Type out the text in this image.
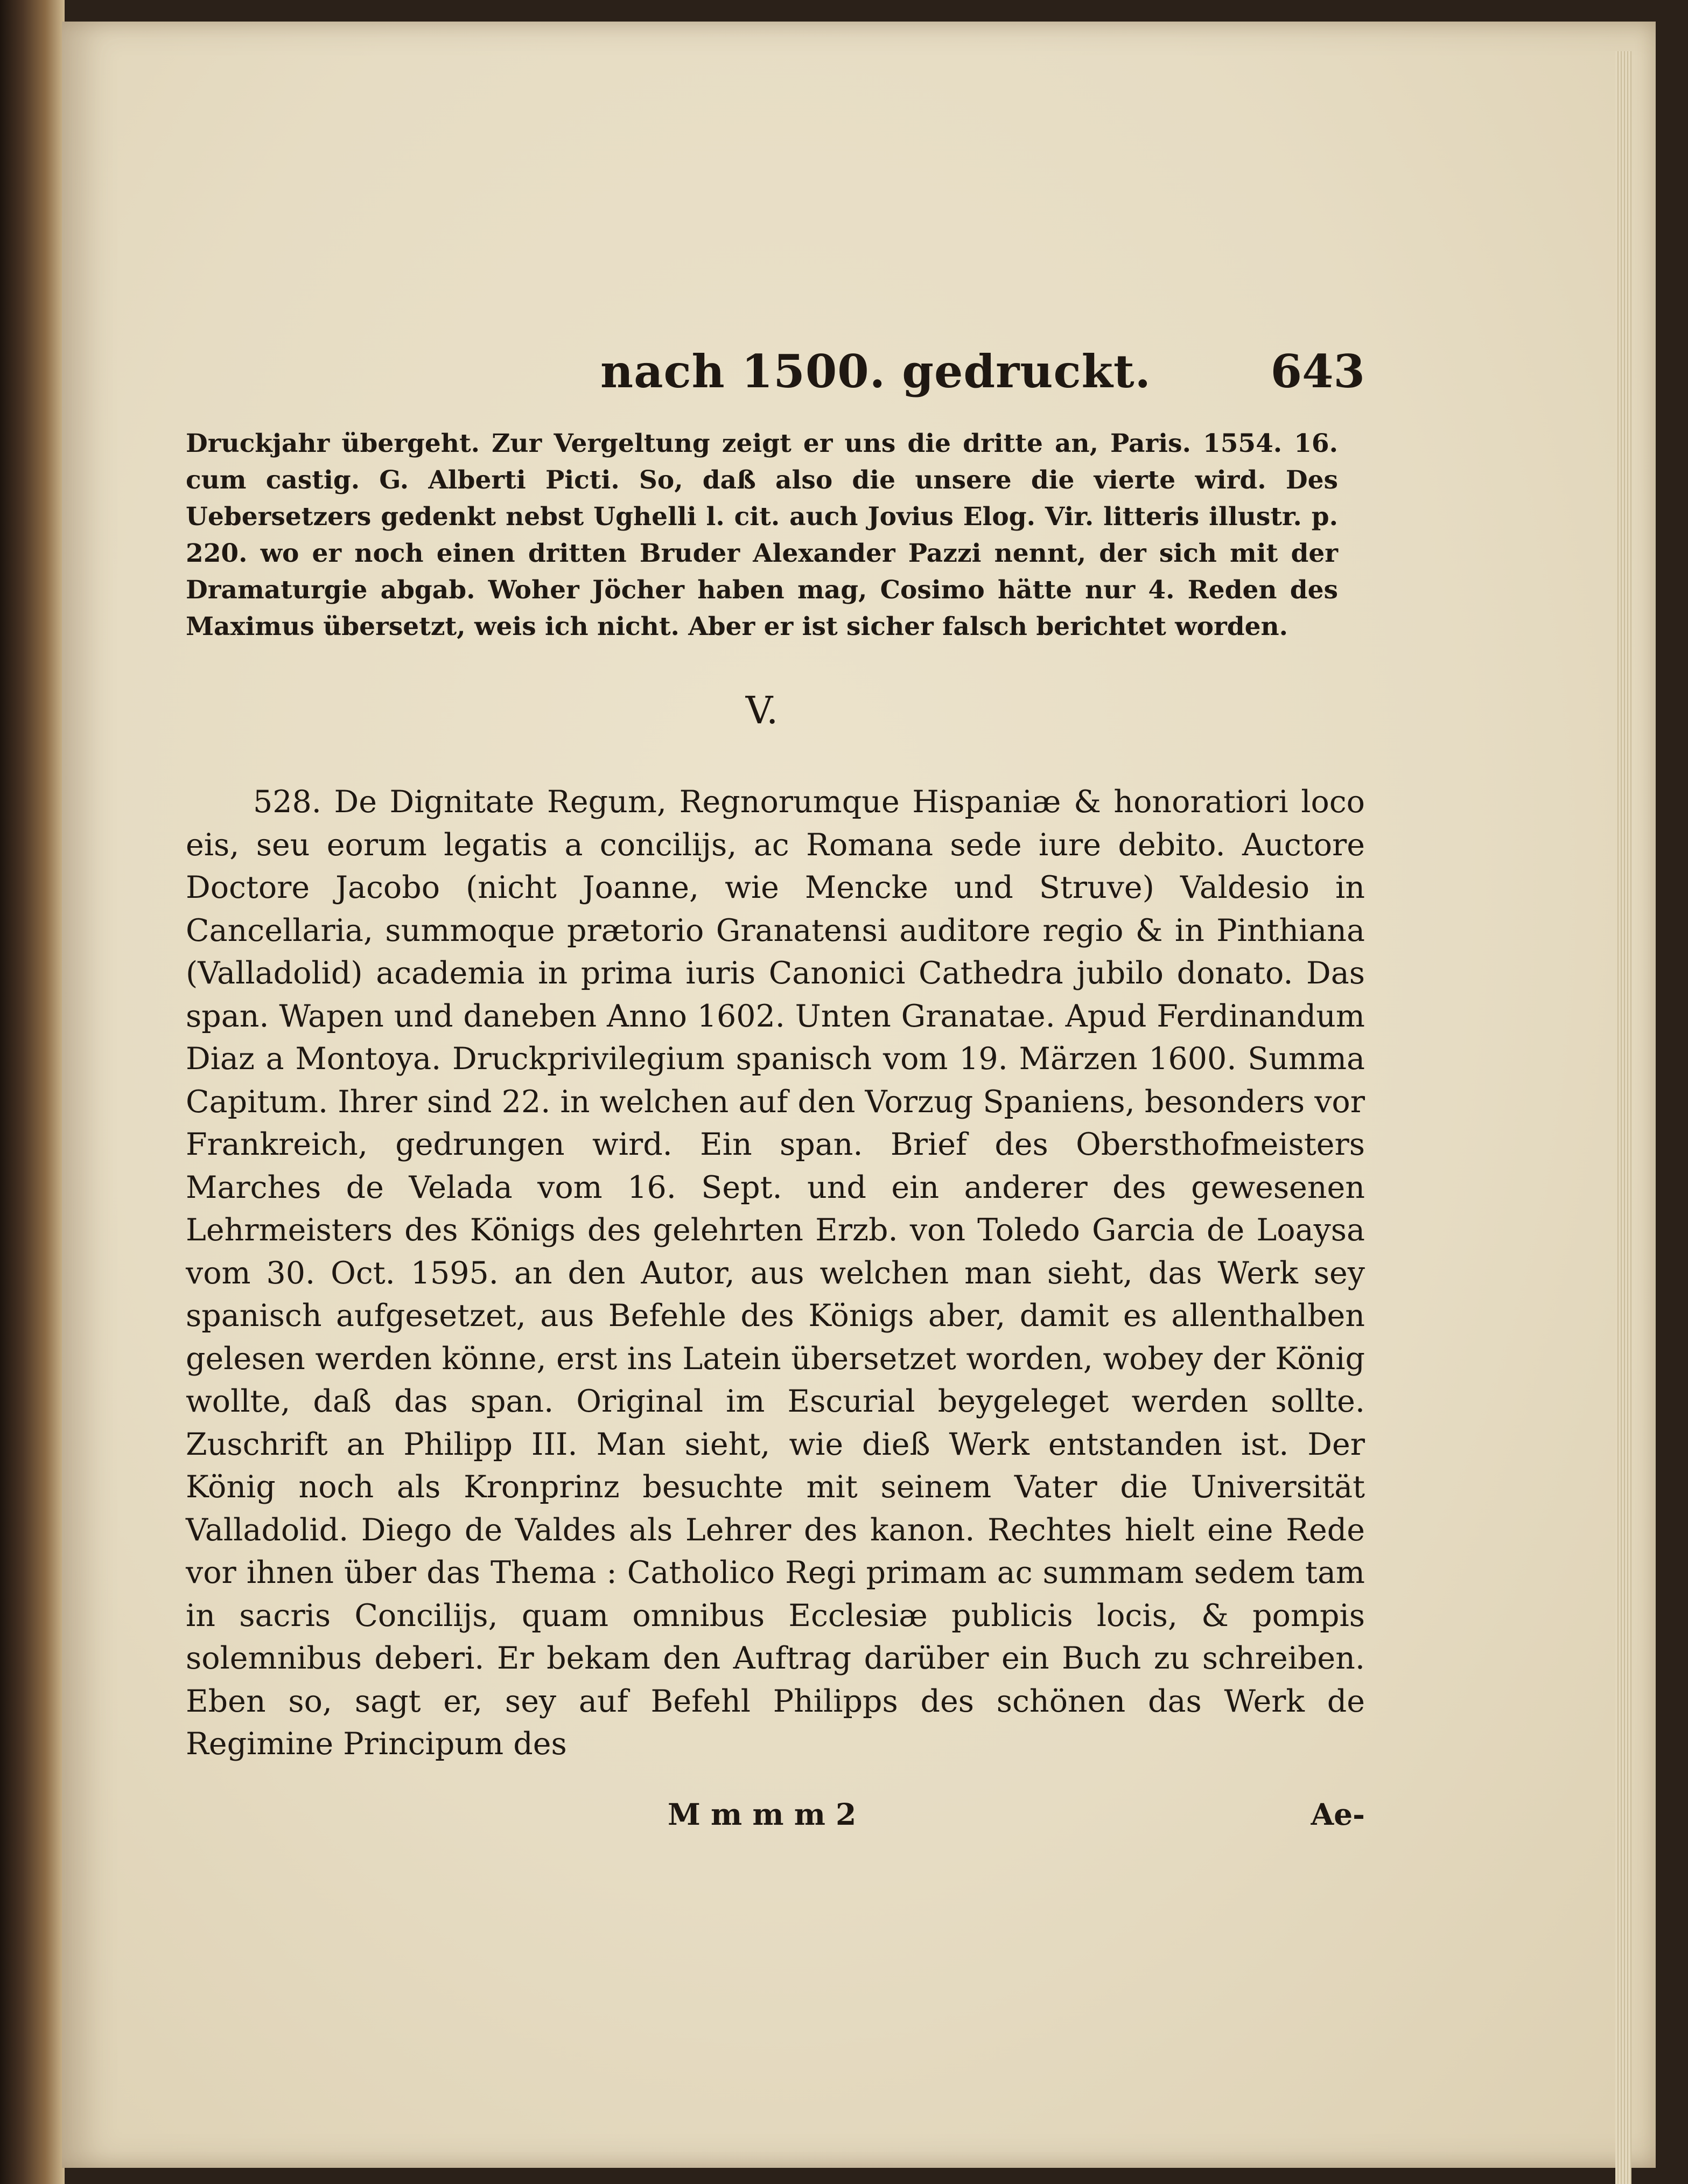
nach 1500. gedruckt.	643

Druckjahr übergeht. Zur Vergeltung zeigt er uns die dritte an, Paris. 1554. 16. cum castig. G. Alberti Picti. So, daß also die unsere die vierte wird. Des Uebersetzers gedenkt nebst Ughelli l. cit. auch Jovius Elog. Vir. litteris illustr. p. 220. wo er noch einen dritten Bruder Alexander Pazzi nennt, der sich mit der Dramaturgie abgab. Woher Jöcher haben mag, Cosimo hätte nur 4. Reden des Maximus übersetzt, weis ich nicht. Aber er ist sicher falsch berichtet worden.

V.

528. De Dignitate Regum, Regnorumque Hispaniæ & honoratiori loco eis, seu eorum legatis a concilijs, ac Romana sede iure debito. Auctore Doctore Jacobo (nicht Joanne, wie Mencke und Struve) Valdesio in Cancellaria, summoque prætorio Granatensi auditore regio & in Pinthiana (Valladolid) academia in prima iuris Canonici Cathedra jubilo donato. Das span. Wapen und daneben Anno 1602. Unten Granatae. Apud Ferdinandum Diaz a Montoya. Druckprivilegium spanisch vom 19. Märzen 1600. Summa Capitum. Ihrer sind 22. in welchen auf den Vorzug Spaniens, besonders vor Frankreich, gedrungen wird. Ein span. Brief des Obersthofmeisters Marches de Velada vom 16. Sept. und ein anderer des gewesenen Lehrmeisters des Königs des gelehrten Erzb. von Toledo Garcia de Loaysa vom 30. Oct. 1595. an den Autor, aus welchen man sieht, das Werk sey spanisch aufgesetzet, aus Befehle des Königs aber, damit es allenthalben gelesen werden könne, erst ins Latein übersetzet worden, wobey der König wollte, daß das span. Original im Escurial beygeleget werden sollte. Zuschrift an Philipp III. Man sieht, wie dieß Werk entstanden ist. Der König noch als Kronprinz besuchte mit seinem Vater die Universität Valladolid. Diego de Valdes als Lehrer des kanon. Rechtes hielt eine Rede vor ihnen über das Thema : Catholico Regi primam ac summam sedem tam in sacris Concilijs, quam omnibus Ecclesiæ publicis locis, & pompis solemnibus deberi. Er bekam den Auftrag darüber ein Buch zu schreiben. Eben so, sagt er, sey auf Befehl Philipps des schönen das Werk de Regimine Principum des

M m m m 2	Ae-
